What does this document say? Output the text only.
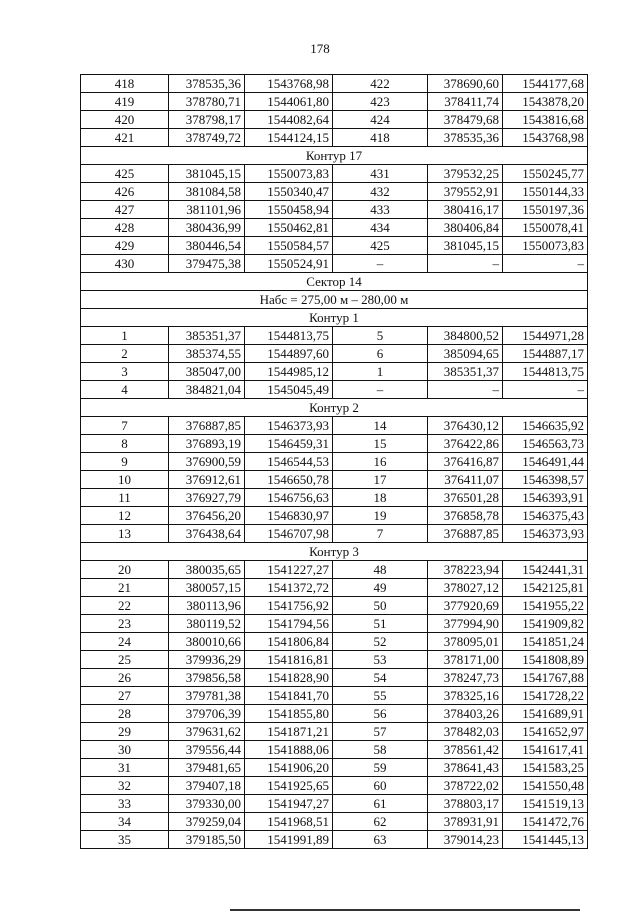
178
418	378535,36	1543768,98	422	378690,60	1544177,68
419	378780,71	1544061,80	423	378411,74	1543878,20
420	378798,17	1544082,64	424	378479,68	1543816,68
421	378749,72	1544124,15	418	378535,36	1543768,98
Контур 17					
425	381045,15	1550073,83	431	379532,25	1550245,77
426	381084,58	1550340,47	432	379552,91	1550144,33
427	381101,96	1550458,94	433	380416,17	1550197,36
428	380436,99	1550462,81	434	380406,84	1550078,41
429	380446,54	1550584,57	425	381045,15	1550073,83
430	379475,38	1550524,91	–	–	–
Сектор 14					
Набс = 275,00 м – 280,00 м					
Контур 1					
1	385351,37	1544813,75	5	384800,52	1544971,28
2	385374,55	1544897,60	6	385094,65	1544887,17
3	385047,00	1544985,12	1	385351,37	1544813,75
4	384821,04	1545045,49	–	–	–
Контур 2					
7	376887,85	1546373,93	14	376430,12	1546635,92
8	376893,19	1546459,31	15	376422,86	1546563,73
9	376900,59	1546544,53	16	376416,87	1546491,44
10	376912,61	1546650,78	17	376411,07	1546398,57
11	376927,79	1546756,63	18	376501,28	1546393,91
12	376456,20	1546830,97	19	376858,78	1546375,43
13	376438,64	1546707,98	7	376887,85	1546373,93
Контур 3					
20	380035,65	1541227,27	48	378223,94	1542441,31
21	380057,15	1541372,72	49	378027,12	1542125,81
22	380113,96	1541756,92	50	377920,69	1541955,22
23	380119,52	1541794,56	51	377994,90	1541909,82
24	380010,66	1541806,84	52	378095,01	1541851,24
25	379936,29	1541816,81	53	378171,00	1541808,89
26	379856,58	1541828,90	54	378247,73	1541767,88
27	379781,38	1541841,70	55	378325,16	1541728,22
28	379706,39	1541855,80	56	378403,26	1541689,91
29	379631,62	1541871,21	57	378482,03	1541652,97
30	379556,44	1541888,06	58	378561,42	1541617,41
31	379481,65	1541906,20	59	378641,43	1541583,25
32	379407,18	1541925,65	60	378722,02	1541550,48
33	379330,00	1541947,27	61	378803,17	1541519,13
34	379259,04	1541968,51	62	378931,91	1541472,76
35	379185,50	1541991,89	63	379014,23	1541445,13
